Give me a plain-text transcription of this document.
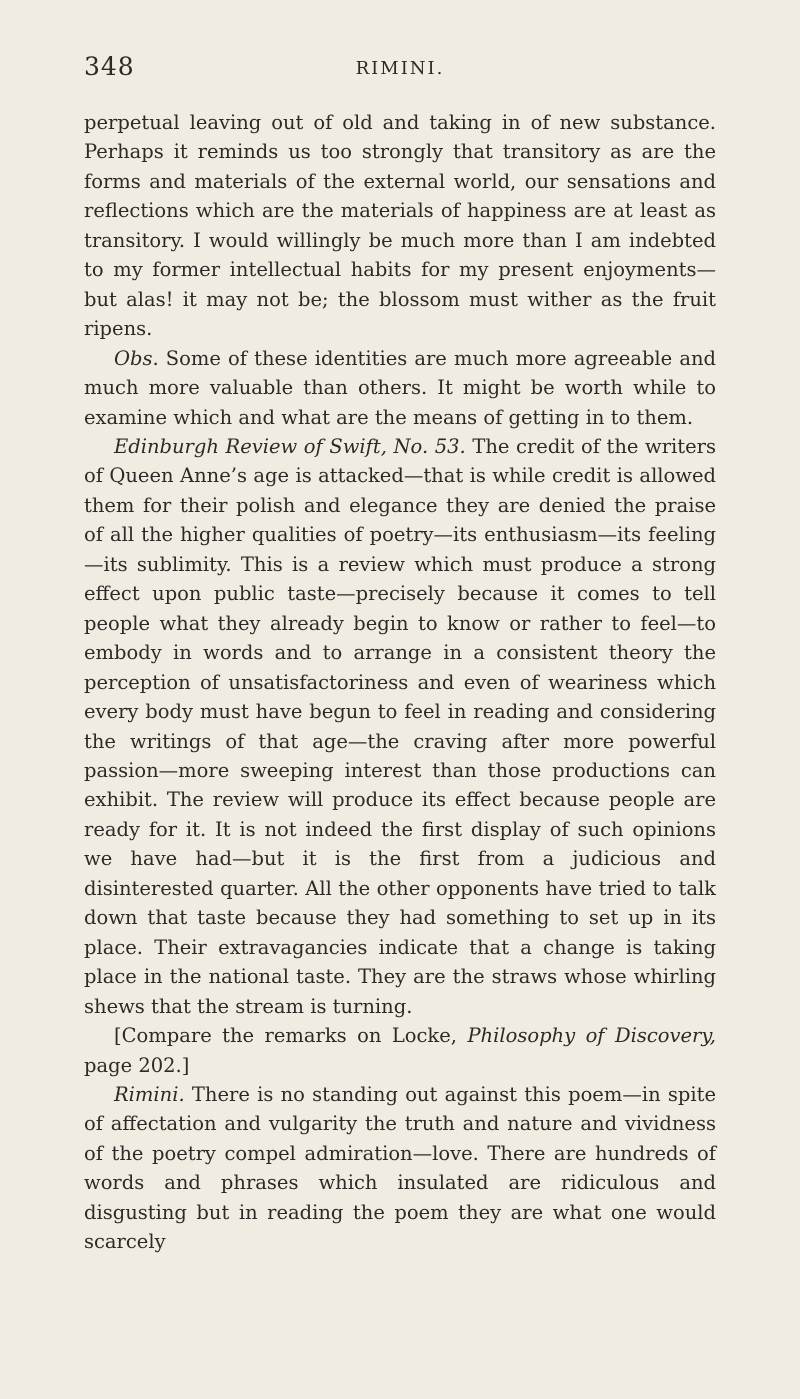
348	RIMINI.

perpetual leaving out of old and taking in of new substance. Perhaps it reminds us too strongly that transitory as are the forms and materials of the external world, our sensations and reflections which are the materials of happiness are at least as transitory. I would willingly be much more than I am indebted to my former intellectual habits for my present enjoyments—but alas! it may not be; the blossom must wither as the fruit ripens.

Obs. Some of these identities are much more agreeable and much more valuable than others. It might be worth while to examine which and what are the means of getting in to them.

Edinburgh Review of Swift, No. 53. The credit of the writers of Queen Anne’s age is attacked—that is while credit is allowed them for their polish and elegance they are denied the praise of all the higher qualities of poetry—its enthusiasm—its feeling—its sublimity. This is a review which must produce a strong effect upon public taste—precisely because it comes to tell people what they already begin to know or rather to feel—to embody in words and to arrange in a consistent theory the perception of unsatisfactoriness and even of weariness which every body must have begun to feel in reading and considering the writings of that age—the craving after more powerful passion—more sweeping interest than those productions can exhibit. The review will produce its effect because people are ready for it. It is not indeed the first display of such opinions we have had—but it is the first from a judicious and disinterested quarter. All the other opponents have tried to talk down that taste because they had something to set up in its place. Their extravagancies indicate that a change is taking place in the national taste. They are the straws whose whirling shews that the stream is turning.

[Compare the remarks on Locke, Philosophy of Discovery, page 202.]

Rimini. There is no standing out against this poem—in spite of affectation and vulgarity the truth and nature and vividness of the poetry compel admiration—love. There are hundreds of words and phrases which insulated are ridiculous and disgusting but in reading the poem they are what one would scarcely
